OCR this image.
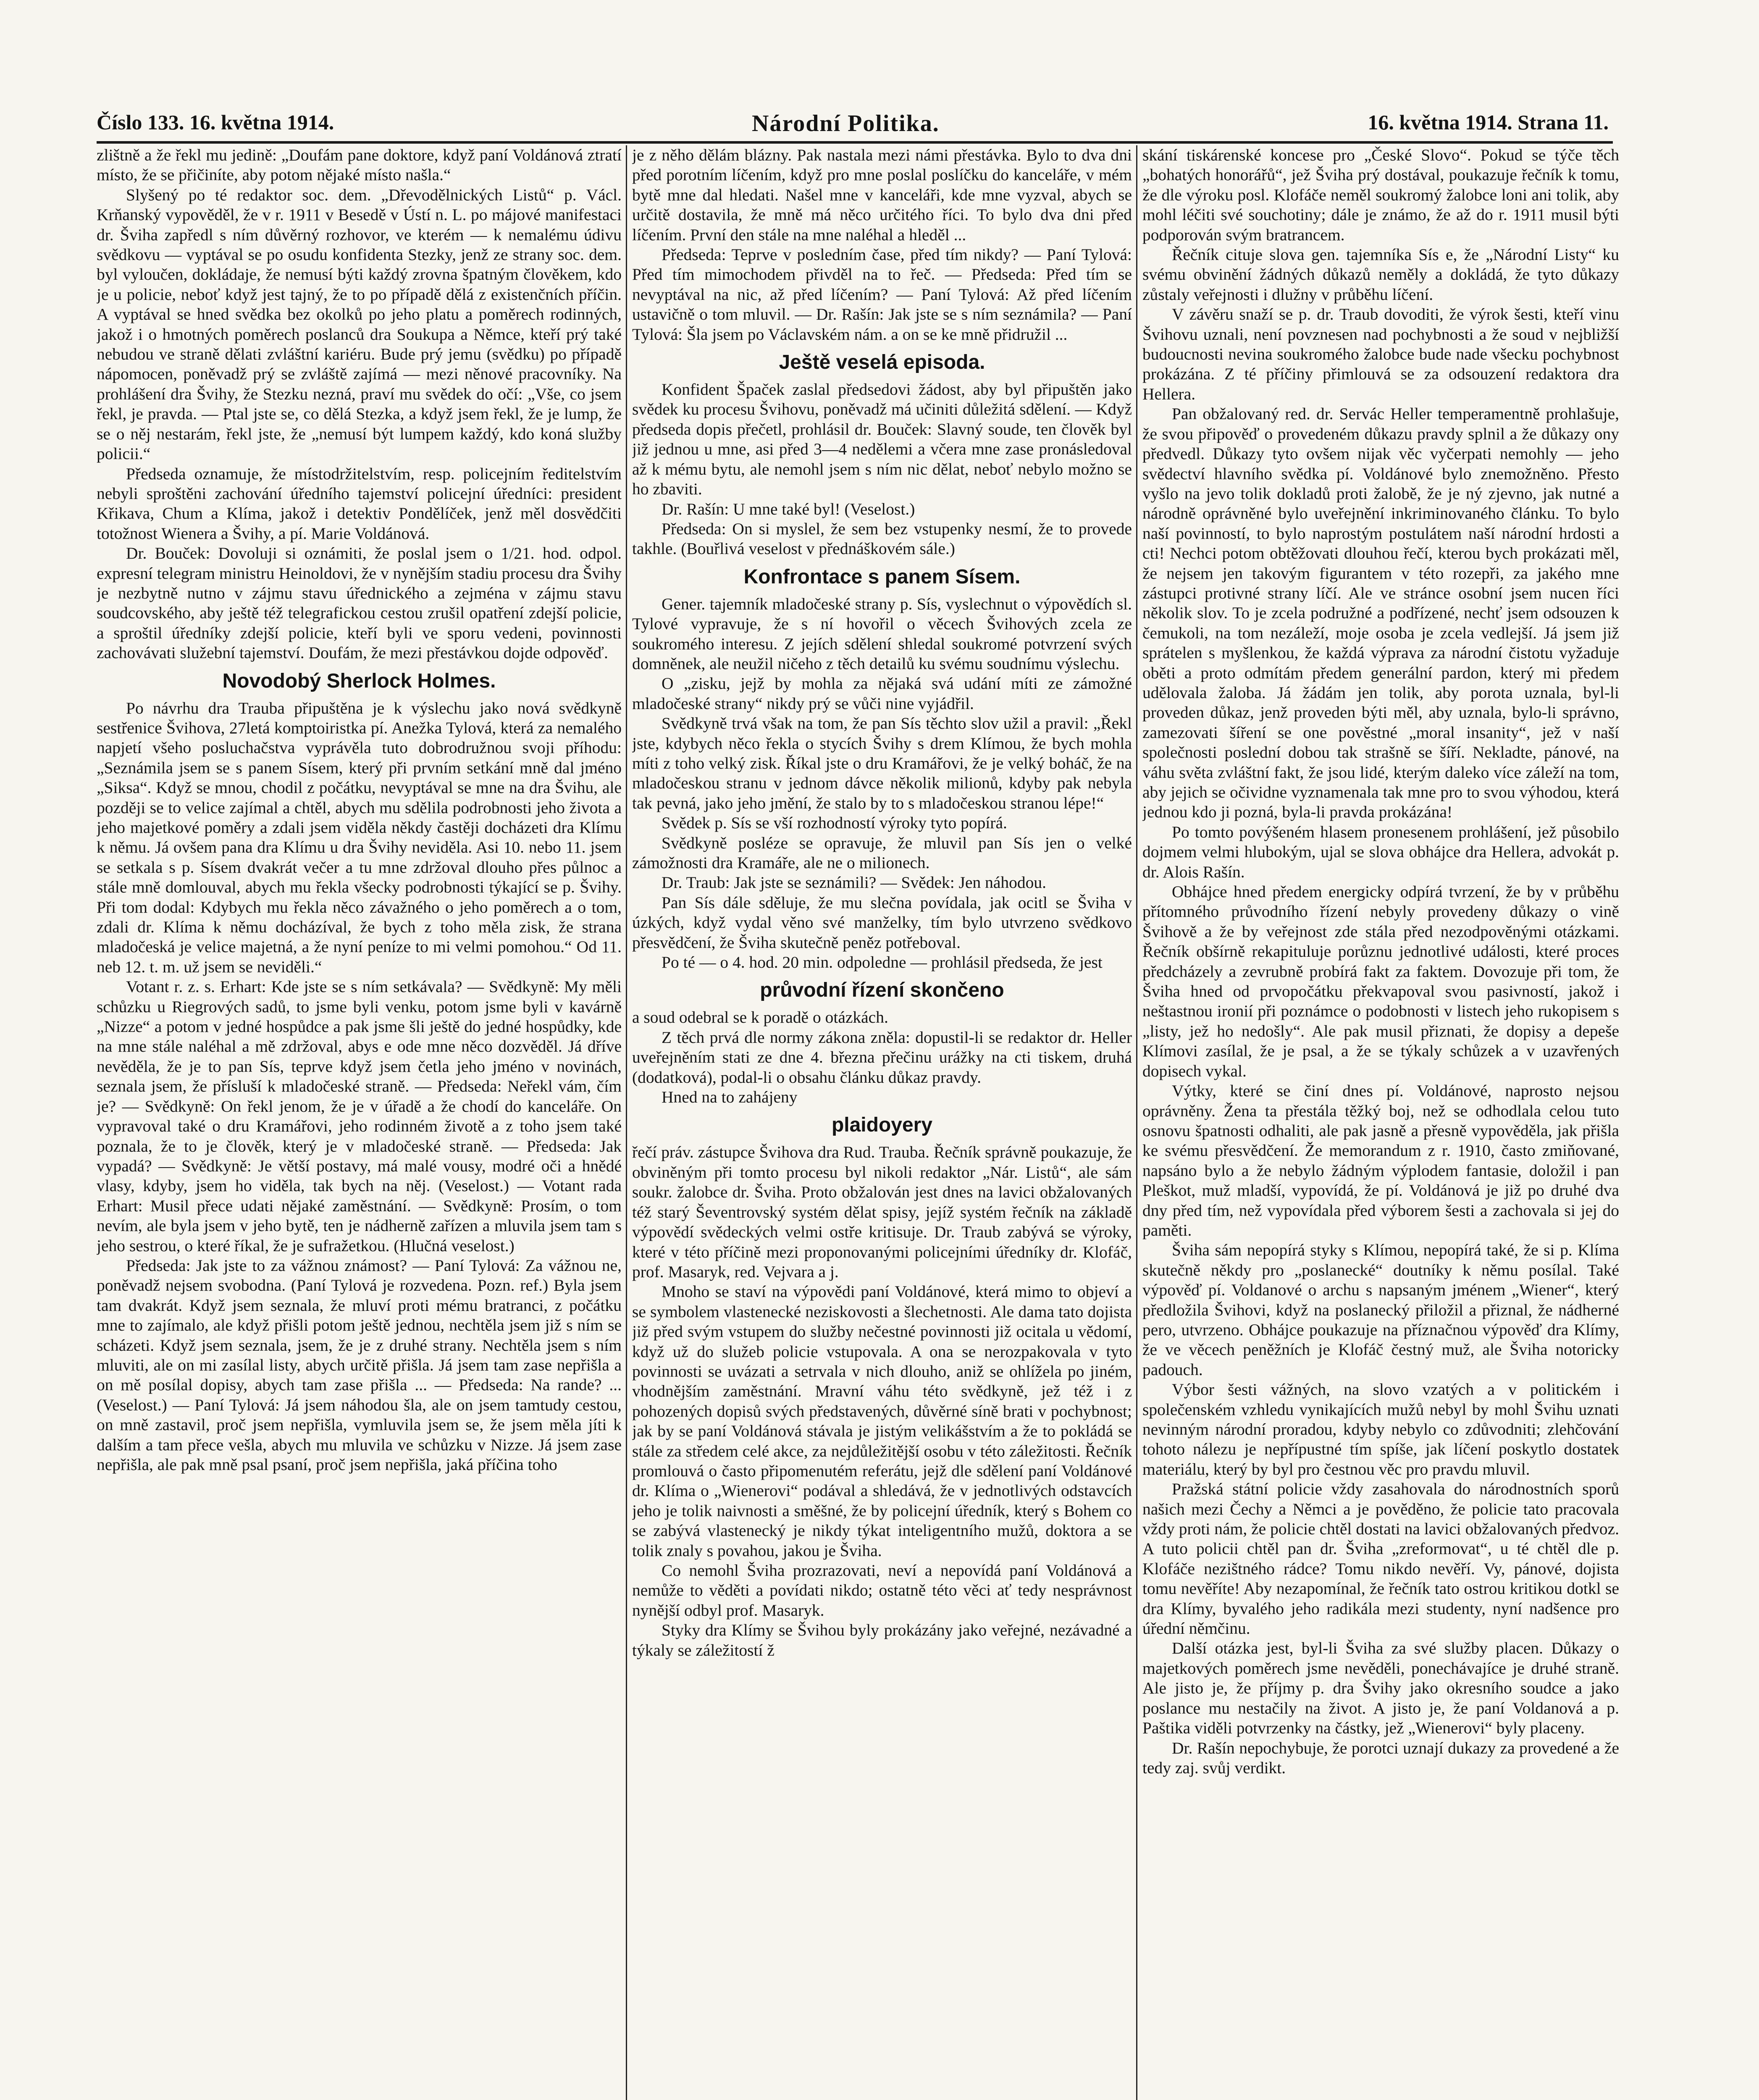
Číslo 133. 16. května 1914.	Národní Politika.	16. května 1914. Strana 11.

zlištně a že řekl mu jedině: „Doufám pane doktore, když paní Voldánová ztratí místo, že se přičiníte, aby potom nějaké místo našla.“

Slyšený po té redaktor soc. dem. „Dřevodělnických Listů“ p. Václ. Krňanský vypověděl, že v r. 1911 v Besedě v Ústí n. L. po májové manifestaci dr. Šviha zapředl s ním důvěrný rozhovor, ve kterém — k nemalému údivu svědkovu — vyptával se po osudu konfidenta Stezky, jenž ze strany soc. dem. byl vyloučen, dokládaje, že nemusí býti každý zrovna špatným člověkem, kdo je u policie, neboť když jest tajný, že to po případě dělá z existenčních příčin. A vyptával se hned svědka bez okolků po jeho platu a poměrech rodinných, jakož i o hmotných poměrech poslanců dra Soukupa a Němce, kteří prý také nebudou ve straně dělati zvláštní kariéru. Bude prý jemu (svědku) po případě nápomocen, poněvadž prý se zvláště zajímá — mezi něnové pracovníky. Na prohlášení dra Švihy, že Stezku nezná, praví mu svědek do očí: „Vše, co jsem řekl, je pravda. — Ptal jste se, co dělá Stezka, a když jsem řekl, že je lump, že se o něj nestarám, řekl jste, že „nemusí být lumpem každý, kdo koná služby policii.“

Předseda oznamuje, že místodržitelstvím, resp. policejním ředitelstvím nebyli sproštěni zachování úředního tajemství policejní úředníci: president Křikava, Chum a Klíma, jakož i detektiv Pondělíček, jenž měl dosvědčiti totožnost Wienera a Švihy, a pí. Marie Voldánová.

Dr. Bouček: Dovoluji si oznámiti, že poslal jsem o 1/21. hod. odpol. expresní telegram ministru Heinoldovi, že v nynějším stadiu procesu dra Švihy je nezbytně nutno v zájmu stavu úřednického a zejména v zájmu stavu soudcovského, aby ještě též telegrafickou cestou zrušil opatření zdejší policie, a sproštil úředníky zdejší policie, kteří byli ve sporu vedeni, povinnosti zachovávati služební tajemství. Doufám, že mezi přestávkou dojde odpověď.

Novodobý Sherlock Holmes.

Po návrhu dra Trauba připuštěna je k výslechu jako nová svědkyně sestřenice Švihova, 27letá komptoiristka pí. Anežka Tylová, která za nemalého napjetí všeho posluchačstva vyprávěla tuto dobrodružnou svoji příhodu: „Seznámila jsem se s panem Sísem, který při prvním setkání mně dal jméno „Siksa“. Když se mnou, chodil z počátku, nevyptával se mne na dra Švihu, ale později se to velice zajímal a chtěl, abych mu sdělila podrobnosti jeho života a jeho majetkové poměry a zdali jsem viděla někdy častěji docházeti dra Klímu k němu. Já ovšem pana dra Klímu u dra Švihy neviděla. Asi 10. nebo 11. jsem se setkala s p. Sísem dvakrát večer a tu mne zdržoval dlouho přes půlnoc a stále mně domlouval, abych mu řekla všecky podrobnosti týkající se p. Švihy. Při tom dodal: Kdybych mu řekla něco závažného o jeho poměrech a o tom, zdali dr. Klíma k němu docházíval, že bych z toho měla zisk, že strana mladočeská je velice majetná, a že nyní peníze to mi velmi pomohou.“ Od 11. neb 12. t. m. už jsem se neviděli.“

Votant r. z. s. Erhart: Kde jste se s ním setkávala? — Svědkyně: My měli schůzku u Riegrových sadů, to jsme byli venku, potom jsme byli v kavárně „Nizze“ a potom v jedné hospůdce a pak jsme šli ještě do jedné hospůdky, kde na mne stále naléhal a mě zdržoval, abys e ode mne něco dozvěděl. Já dříve nevěděla, že je to pan Sís, teprve když jsem četla jeho jméno v novinách, seznala jsem, že přísluší k mladočeské straně. — Předseda: Neřekl vám, čím je? — Svědkyně: On řekl jenom, že je v úřadě a že chodí do kanceláře. On vypravoval také o dru Kramářovi, jeho rodinném životě a z toho jsem také poznala, že to je člověk, který je v mladočeské straně. — Předseda: Jak vypadá? — Svědkyně: Je větší postavy, má malé vousy, modré oči a hnědé vlasy, kdyby, jsem ho viděla, tak bych na něj. (Veselost.) — Votant rada Erhart: Musil přece udati nějaké zaměstnání. — Svědkyně: Prosím, o tom nevím, ale byla jsem v jeho bytě, ten je nádherně zařízen a mluvila jsem tam s jeho sestrou, o které říkal, že je sufražetkou. (Hlučná veselost.)

Předseda: Jak jste to za vážnou známost? — Paní Tylová: Za vážnou ne, poněvadž nejsem svobodna. (Paní Tylová je rozvedena. Pozn. ref.) Byla jsem tam dvakrát. Když jsem seznala, že mluví proti mému bratranci, z počátku mne to zajímalo, ale když přišli potom ještě jednou, nechtěla jsem již s ním se scházeti. Když jsem seznala, jsem, že je z druhé strany. Nechtěla jsem s ním mluviti, ale on mi zasílal listy, abych určitě přišla. Já jsem tam zase nepřišla a on mě posílal dopisy, abych tam zase přišla ... — Předseda: Na rande? ... (Veselost.) — Paní Tylová: Já jsem náhodou šla, ale on jsem tamtudy cestou, on mně zastavil, proč jsem nepřišla, vymluvila jsem se, že jsem měla jíti k dalším a tam přece vešla, abych mu mluvila ve schůzku v Nizze. Já jsem zase nepřišla, ale pak mně psal psaní, proč jsem nepřišla, jaká příčina toho

je z něho dělám blázny. Pak nastala mezi námi přestávka. Bylo to dva dni před porotním líčením, když pro mne poslal poslíčku do kanceláře, v mém bytě mne dal hledati. Našel mne v kanceláři, kde mne vyzval, abych se určitě dostavila, že mně má něco určitého říci. To bylo dva dni před líčením. První den stále na mne naléhal a hleděl ...

Předseda: Teprve v posledním čase, před tím nikdy? — Paní Tylová: Před tím mimochodem přivděl na to řeč. — Předseda: Před tím se nevyptával na nic, až před líčením? — Paní Tylová: Až před líčením ustavičně o tom mluvil. — Dr. Rašín: Jak jste se s ním seznámila? — Paní Tylová: Šla jsem po Václavském nám. a on se ke mně přidružil ...

Ještě veselá episoda.

Konfident Špaček zaslal předsedovi žádost, aby byl připuštěn jako svědek ku procesu Švihovu, poněvadž má učiniti důležitá sdělení. — Když předseda dopis přečetl, prohlásil dr. Bouček: Slavný soude, ten člověk byl již jednou u mne, asi před 3—4 nedělemi a včera mne zase pronásledoval až k mému bytu, ale nemohl jsem s ním nic dělat, neboť nebylo možno se ho zbaviti.

Dr. Rašín: U mne také byl! (Veselost.)

Předseda: On si myslel, že sem bez vstupenky nesmí, že to provede takhle. (Bouřlivá veselost v přednáškovém sále.)

Konfrontace s panem Sísem.

Gener. tajemník mladočeské strany p. Sís, vyslechnut o výpovědích sl. Tylové vypravuje, že s ní hovořil o věcech Švihových zcela ze soukromého interesu. Z jejích sdělení shledal soukromé potvrzení svých domněnek, ale neužil ničeho z těch detailů ku svému soudnímu výslechu.

O „zisku, jejž by mohla za nějaká svá udání míti ze zámožné mladočeské strany“ nikdy prý se vůči nine vyjádřil.

Svědkyně trvá však na tom, že pan Sís těchto slov užil a pravil: „Řekl jste, kdybych něco řekla o stycích Švihy s drem Klímou, že bych mohla míti z toho velký zisk. Říkal jste o dru Kramářovi, že je velký boháč, že na mladočeskou stranu v jednom dávce několik milionů, kdyby pak nebyla tak pevná, jako jeho jmění, že stalo by to s mladočeskou stranou lépe!“

Svědek p. Sís se vší rozhodností výroky tyto popírá.

Svědkyně posléze se opravuje, že mluvil pan Sís jen o velké zámožnosti dra Kramáře, ale ne o milionech.

Dr. Traub: Jak jste se seznámili? — Svědek: Jen náhodou.

Pan Sís dále sděluje, že mu slečna povídala, jak ocitl se Šviha v úzkých, když vydal věno své manželky, tím bylo utvrzeno svědkovo přesvědčení, že Šviha skutečně peněz potřeboval.

Po té — o 4. hod. 20 min. odpoledne — prohlásil předseda, že jest

průvodní řízení skončeno

a soud odebral se k poradě o otázkách.

Z těch prvá dle normy zákona zněla: dopustil-li se redaktor dr. Heller uveřejněním stati ze dne 4. března přečinu urážky na cti tiskem, druhá (dodatková), podal-li o obsahu článku důkaz pravdy.

Hned na to zahájeny

plaidoyery

řečí práv. zástupce Švihova dra Rud. Trauba. Řečník správně poukazuje, že obviněným při tomto procesu byl nikoli redaktor „Nár. Listů“, ale sám soukr. žalobce dr. Šviha. Proto obžalován jest dnes na lavici obžalovaných též starý Ševentrovský systém dělat spisy, jejíž systém řečník na základě výpovědí svědeckých velmi ostře kritisuje. Dr. Traub zabývá se výroky, které v této příčině mezi proponovanými policejními úředníky dr. Klofáč, prof. Masaryk, red. Vejvara a j.

Mnoho se staví na výpovědi paní Voldánové, která mimo to objeví a se symbolem vlastenecké neziskovosti a šlechetnosti. Ale dama tato dojista již před svým vstupem do služby nečestné povinnosti již ocitala u vědomí, když už do služeb policie vstupovala. A ona se nerozpakovala v tyto povinnosti se uvázati a setrvala v nich dlouho, aniž se ohlížela po jiném, vhodnějším zaměstnání. Mravní váhu této svědkyně, jež též i z pohozených dopisů svých představených, důvěrné síně brati v pochybnost; jak by se paní Voldánová stávala je jistým velikášstvím a že to pokládá se stále za středem celé akce, za nejdůležitější osobu v této záležitosti. Řečník promlouvá o často připomenutém referátu, jejž dle sdělení paní Voldánové dr. Klíma o „Wienerovi“ podával a shledává, že v jednotlivých odstavcích jeho je tolik naivnosti a směšné, že by policejní úředník, který s Bohem co se zabývá vlastenecký je nikdy týkat inteligentního mužů, doktora a se tolik znaly s povahou, jakou je Šviha.

Co nemohl Šviha prozrazovati, neví a nepovídá paní Voldánová a nemůže to věděti a povídati nikdo; ostatně této věci ať tedy nesprávnost nynější odbyl prof. Masaryk.

Styky dra Klímy se Švihou byly prokázány jako veřejné, nezávadné a týkaly se záležitostí ž

skání tiskárenské koncese pro „České Slovo“. Pokud se týče těch „bohatých honorářů“, jež Šviha prý dostával, poukazuje řečník k tomu, že dle výroku posl. Klofáče neměl soukromý žalobce loni ani tolik, aby mohl léčiti své souchotiny; dále je známo, že až do r. 1911 musil býti podporován svým bratrancem.

Řečník cituje slova gen. tajemníka Sís e, že „Národní Listy“ ku svému obvinění žádných důkazů neměly a dokládá, že tyto důkazy zůstaly veřejnosti i dlužny v průběhu líčení.

V závěru snaží se p. dr. Traub dovoditi, že výrok šesti, kteří vinu Švihovu uznali, není povznesen nad pochybnosti a že soud v nejbližší budoucnosti nevina soukromého žalobce bude nade všecku pochybnost prokázána. Z té příčiny přimlouvá se za odsouzení redaktora dra Hellera.

Pan obžalovaný red. dr. Servác Heller temperamentně prohlašuje, že svou připověď o provedeném důkazu pravdy splnil a že důkazy ony předvedl. Důkazy tyto ovšem nijak věc vyčerpati nemohly — jeho svědectví hlavního svědka pí. Voldánové bylo znemožněno. Přesto vyšlo na jevo tolik dokladů proti žalobě, že je ný zjevno, jak nutné a národně oprávněné bylo uveřejnění inkriminovaného článku. To bylo naší povinností, to bylo naprostým postulátem naší národní hrdosti a cti! Nechci potom obtěžovati dlouhou řečí, kterou bych prokázati měl, že nejsem jen takovým figurantem v této rozepři, za jakého mne zástupci protivné strany líčí. Ale ve stránce osobní jsem nucen říci několik slov. To je zcela podružné a podřízené, nechť jsem odsouzen k čemukoli, na tom nezáleží, moje osoba je zcela vedlejší. Já jsem již sprátelen s myšlenkou, že každá výprava za národní čistotu vyžaduje oběti a proto odmítám předem generální pardon, který mi předem udělovala žaloba. Já žádám jen tolik, aby porota uznala, byl-li proveden důkaz, jenž proveden býti měl, aby uznala, bylo-li správno, zamezovati šíření se one pověstné „moral insanity“, jež v naší společnosti poslední dobou tak strašně se šíří. Nekladte, pánové, na váhu světa zvláštní fakt, že jsou lidé, kterým daleko více záleží na tom, aby jejich se očividne vyznamenala tak mne pro to svou výhodou, která jednou kdo ji pozná, byla-li pravda prokázána!

Po tomto povýšeném hlasem pronesenem prohlášení, jež působilo dojmem velmi hlubokým, ujal se slova obhájce dra Hellera, advokát p. dr. Alois Rašín.

Obhájce hned předem energicky odpírá tvrzení, že by v průběhu přítomného průvodního řízení nebyly provedeny důkazy o vině Švihově a že by veřejnost zde stála před nezodpověnými otázkami. Řečník obšírně rekapituluje porůznu jednotlivé události, které proces předcházely a zevrubně probírá fakt za faktem. Dovozuje při tom, že Šviha hned od prvopočátku překvapoval svou pasivností, jakož i neštastnou ironií při poznámce o podobnosti v listech jeho rukopisem s „listy, jež ho nedošly“. Ale pak musil přiznati, že dopisy a depeše Klímovi zasílal, že je psal, a že se týkaly schůzek a v uzavřených dopisech vykal.

Výtky, které se činí dnes pí. Voldánové, naprosto nejsou oprávněny. Žena ta přestála těžký boj, než se odhodlala celou tuto osnovu špatnosti odhaliti, ale pak jasně a přesně vypověděla, jak přišla ke svému přesvědčení. Že memorandum z r. 1910, často zmiňované, napsáno bylo a že nebylo žádným výplodem fantasie, doložil i pan Pleškot, muž mladší, vypovídá, že pí. Voldánová je již po druhé dva dny před tím, než vypovídala před výborem šesti a zachovala si jej do paměti.

Šviha sám nepopírá styky s Klímou, nepopírá také, že si p. Klíma skutečně někdy pro „poslanecké“ doutníky k němu posílal. Také výpověď pí. Voldanové o archu s napsaným jménem „Wiener“, který předložila Švihovi, když na poslanecký přiložil a přiznal, že nádherné pero, utvrzeno. Obhájce poukazuje na příznačnou výpověď dra Klímy, že ve věcech peněžních je Klofáč čestný muž, ale Šviha notoricky padouch.

Výbor šesti vážných, na slovo vzatých a v politickém i společenském vzhledu vynikajících mužů nebyl by mohl Švihu uznati nevinným národní proradou, kdyby nebylo co zdůvodniti; zlehčování tohoto nálezu je nepřípustné tím spíše, jak líčení poskytlo dostatek materiálu, který by byl pro čestnou věc pro pravdu mluvil.

Pražská státní policie vždy zasahovala do národnostních sporů našich mezi Čechy a Němci a je pověděno, že policie tato pracovala vždy proti nám, že policie chtěl dostati na lavici obžalovaných předvoz. A tuto policii chtěl pan dr. Šviha „zreformovat“, u té chtěl dle p. Klofáče nezištného rádce? Tomu nikdo nevěří. Vy, pánové, dojista tomu nevěříte! Aby nezapomínal, že řečník tato ostrou kritikou dotkl se dra Klímy, byvalého jeho radikála mezi studenty, nyní nadšence pro úřední němčinu.

Další otázka jest, byl-li Šviha za své služby placen. Důkazy o majetkových poměrech jsme nevěděli, ponechávajíce je druhé straně. Ale jisto je, že příjmy p. dra Švihy jako okresního soudce a jako poslance mu nestačily na život. A jisto je, že paní Voldanová a p. Paštika viděli potvrzenky na částky, jež „Wienerovi“ byly placeny.

Dr. Rašín nepochybuje, že porotci uznají dukazy za provedené a že tedy zaj. svůj verdikt.
